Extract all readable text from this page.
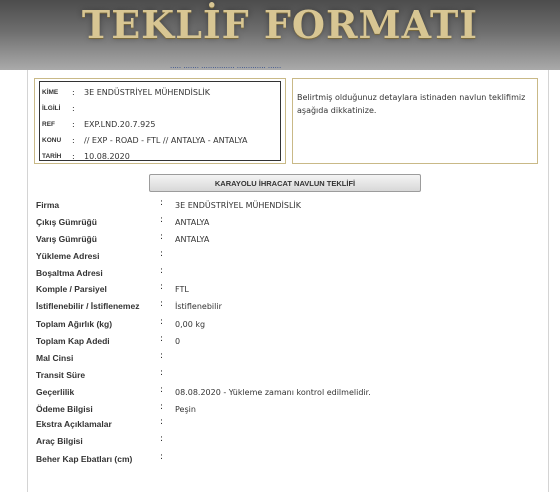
TEKLİF FORMATI
..... ....... ............... ............. ......
KİME	:	3E ENDÜSTRİYEL MÜHENDİSLİK
İLGİLİ	:
REF	:	EXP.LND.20.7.925
KONU	:	// EXP - ROAD - FTL // ANTALYA - ANTALYA
TARİH	:	10.08.2020
Belirtmiş olduğunuz detaylara istinaden navlun teklifimiz aşağıda dikkatinize.
KARAYOLU İHRACAT NAVLUN TEKLİFİ
Firma	: 3E ENDÜSTRİYEL MÜHENDİSLİK
Çıkış Gümrüğü	: ANTALYA
Varış Gümrüğü	: ANTALYA
Yükleme Adresi	:
Boşaltma Adresi	:
Komple / Parsiyel	: FTL
İstiflenebilir / İstiflenemez : İstiflenebilir
Toplam Ağırlık (kg)	: 0,00 kg
Toplam Kap Adedi	: 0
Mal Cinsi	:
Transit Süre	:
Geçerlilik	: 08.08.2020 - Yükleme zamanı kontrol edilmelidir.
Ödeme Bilgisi	: Peşin
Ekstra Açıklamalar	:
Araç Bilgisi	:
Beher Kap Ebatları (cm)	:
